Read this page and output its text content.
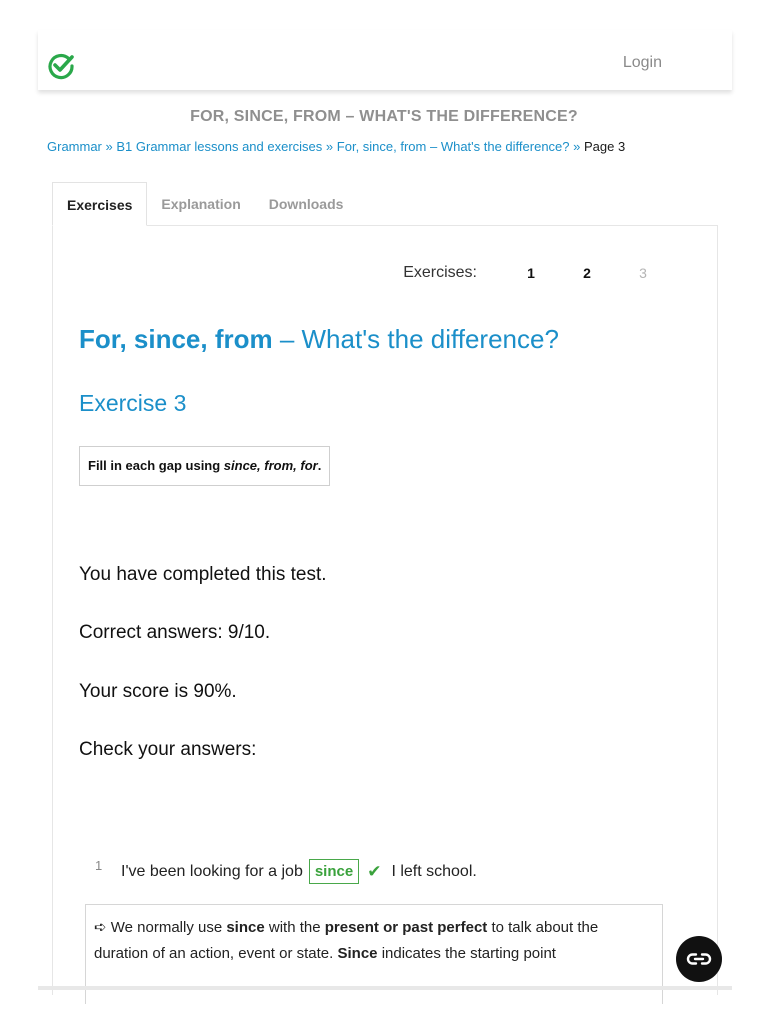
Login
FOR, SINCE, FROM – WHAT'S THE DIFFERENCE?
Grammar » B1 Grammar lessons and exercises » For, since, from – What's the difference? » Page 3
Exercises	Explanation	Downloads
Exercises:	1	2	3
For, since, from – What's the difference?
Exercise 3
Fill in each gap using since, from, for.
You have completed this test.
Correct answers: 9/10.
Your score is 90%.
Check your answers:
1 I've been looking for a job since ✔ I left school.
➪ We normally use since with the present or past perfect to talk about the duration of an action, event or state. Since indicates the starting point
